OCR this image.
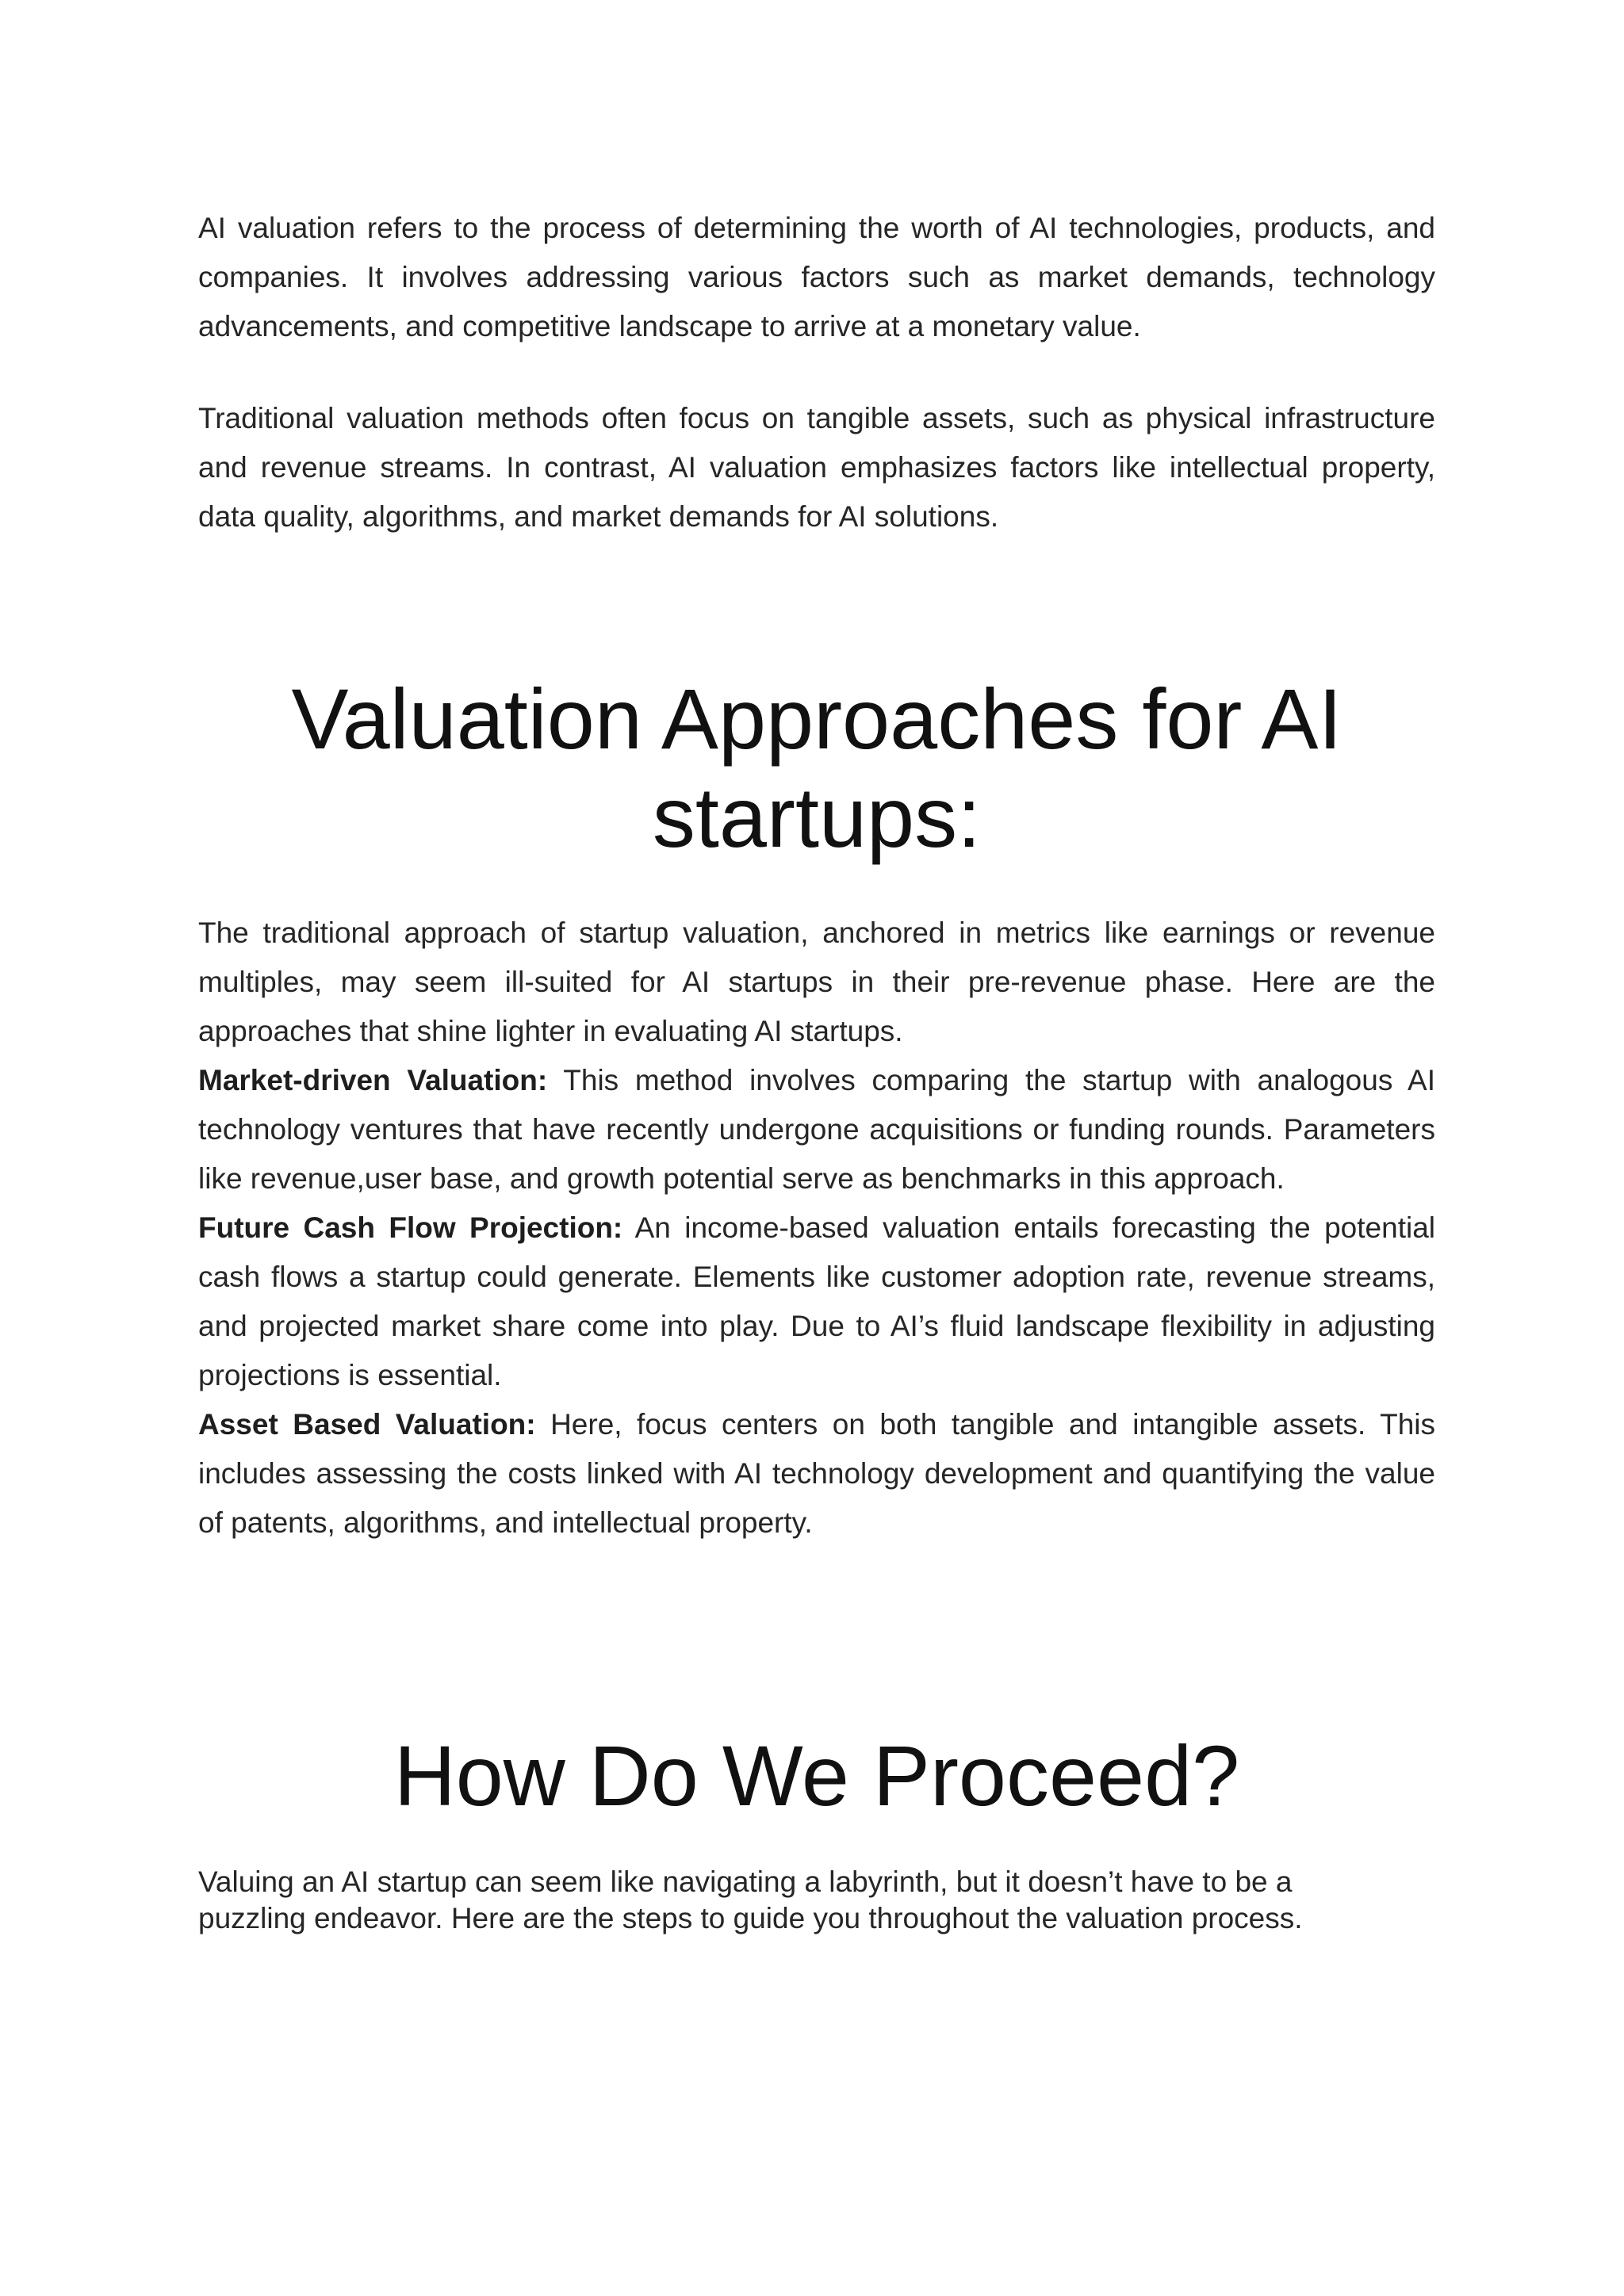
AI valuation refers to the process of determining the worth of AI technologies, products, and companies. It involves addressing various factors such as market demands, technology advancements, and competitive landscape to arrive at a monetary value.

Traditional valuation methods often focus on tangible assets, such as physical infrastructure and revenue streams. In contrast, AI valuation emphasizes factors like intellectual property, data quality, algorithms, and market demands for AI solutions.

Valuation Approaches for AI
startups:
The traditional approach of startup valuation, anchored in metrics like earnings or revenue multiples, may seem ill-suited for AI startups in their pre-revenue phase. Here are the approaches that shine lighter in evaluating AI startups.
Market-driven Valuation: This method involves comparing the startup with analogous AI technology ventures that have recently undergone acquisitions or funding rounds. Parameters like revenue,user base, and growth potential serve as benchmarks in this approach.
Future Cash Flow Projection: An income-based valuation entails forecasting the potential cash flows a startup could generate. Elements like customer adoption rate, revenue streams, and projected market share come into play. Due to AI’s fluid landscape flexibility in adjusting projections is essential.
Asset Based Valuation: Here, focus centers on both tangible and intangible assets. This includes assessing the costs linked with AI technology development and quantifying the value of patents, algorithms, and intellectual property.
How Do We Proceed?
Valuing an AI startup can seem like navigating a labyrinth, but it doesn’t have to be a
puzzling endeavor. Here are the steps to guide you throughout the valuation process.
